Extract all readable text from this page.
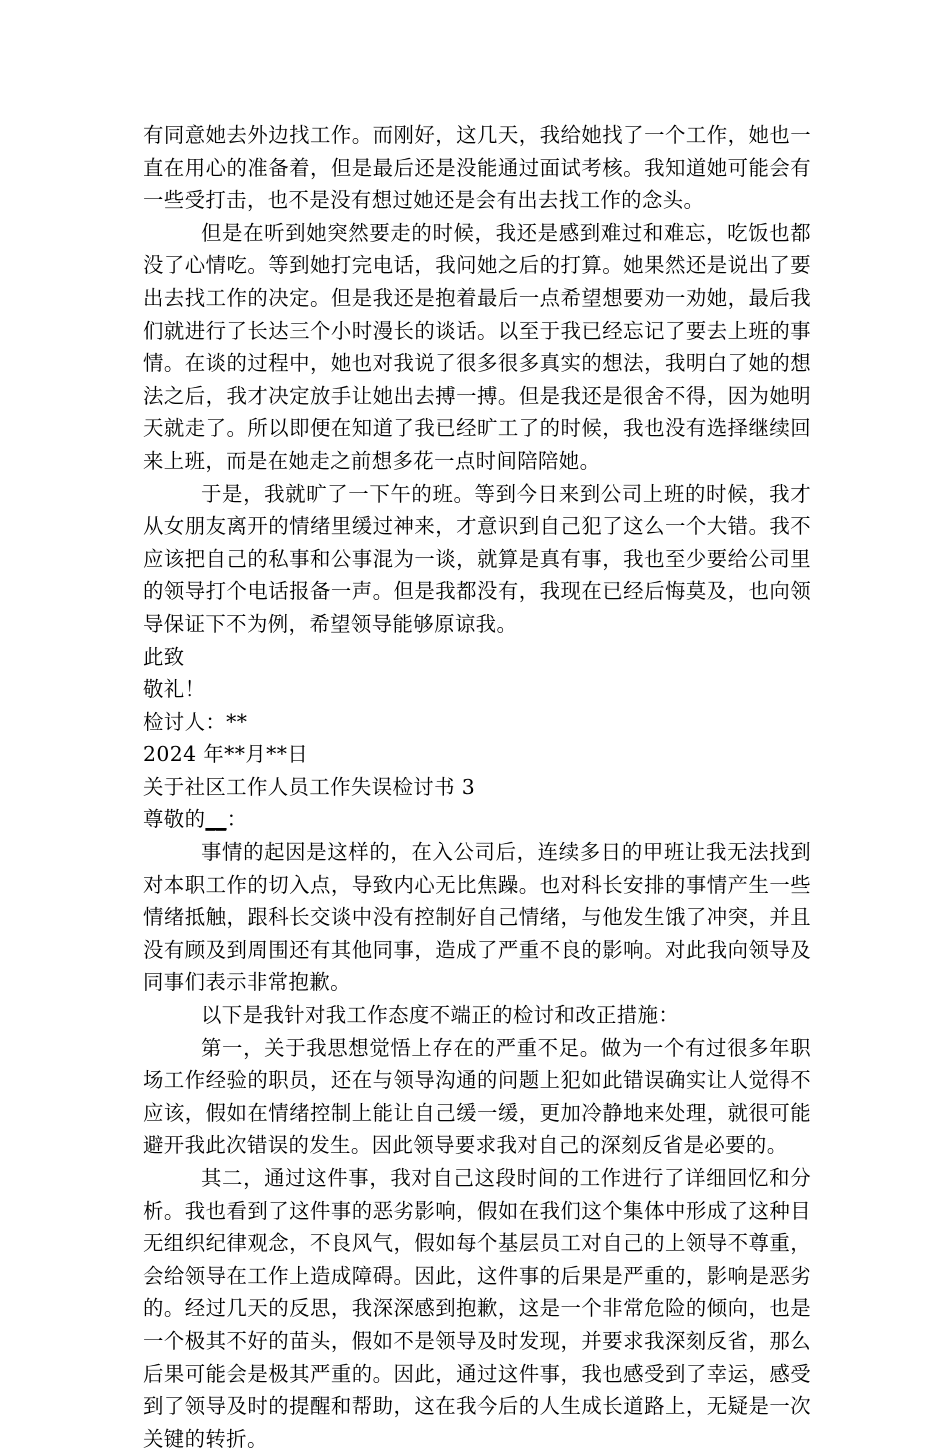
有同意她去外边找工作。而刚好，这几天，我给她找了一个工作，她也一直在用心的准备着，但是最后还是没能通过面试考核。我知道她可能会有一些受打击，也不是没有想过她还是会有出去找工作的念头。

但是在听到她突然要走的时候，我还是感到难过和难忘，吃饭也都没了心情吃。等到她打完电话，我问她之后的打算。她果然还是说出了要出去找工作的决定。但是我还是抱着最后一点希望想要劝一劝她，最后我们就进行了长达三个小时漫长的谈话。以至于我已经忘记了要去上班的事情。在谈的过程中，她也对我说了很多很多真实的想法，我明白了她的想法之后，我才决定放手让她出去搏一搏。但是我还是很舍不得，因为她明天就走了。所以即便在知道了我已经旷工了的时候，我也没有选择继续回来上班，而是在她走之前想多花一点时间陪陪她。

于是，我就旷了一下午的班。等到今日来到公司上班的时候，我才从女朋友离开的情绪里缓过神来，才意识到自己犯了这么一个大错。我不应该把自己的私事和公事混为一谈，就算是真有事，我也至少要给公司里的领导打个电话报备一声。但是我都没有，我现在已经后悔莫及，也向领导保证下不为例，希望领导能够原谅我。

此致

敬礼！

检讨人：**

2024 年**月**日

关于社区工作人员工作失误检讨书 3

尊敬的__：

事情的起因是这样的，在入公司后，连续多日的甲班让我无法找到对本职工作的切入点，导致内心无比焦躁。也对科长安排的事情产生一些情绪抵触，跟科长交谈中没有控制好自己情绪，与他发生饿了冲突，并且没有顾及到周围还有其他同事，造成了严重不良的影响。对此我向领导及同事们表示非常抱歉。

以下是我针对我工作态度不端正的检讨和改正措施：

第一，关于我思想觉悟上存在的严重不足。做为一个有过很多年职场工作经验的职员，还在与领导沟通的问题上犯如此错误确实让人觉得不应该，假如在情绪控制上能让自己缓一缓，更加冷静地来处理，就很可能避开我此次错误的发生。因此领导要求我对自己的深刻反省是必要的。

其二，通过这件事，我对自己这段时间的工作进行了详细回忆和分析。我也看到了这件事的恶劣影响，假如在我们这个集体中形成了这种目无组织纪律观念，不良风气，假如每个基层员工对自己的上领导不尊重，会给领导在工作上造成障碍。因此，这件事的后果是严重的，影响是恶劣的。经过几天的反思，我深深感到抱歉，这是一个非常危险的倾向，也是一个极其不好的苗头，假如不是领导及时发现，并要求我深刻反省，那么后果可能会是极其严重的。因此，通过这件事，我也感受到了幸运，感受到了领导及时的提醒和帮助，这在我今后的人生成长道路上，无疑是一次关键的转折。
